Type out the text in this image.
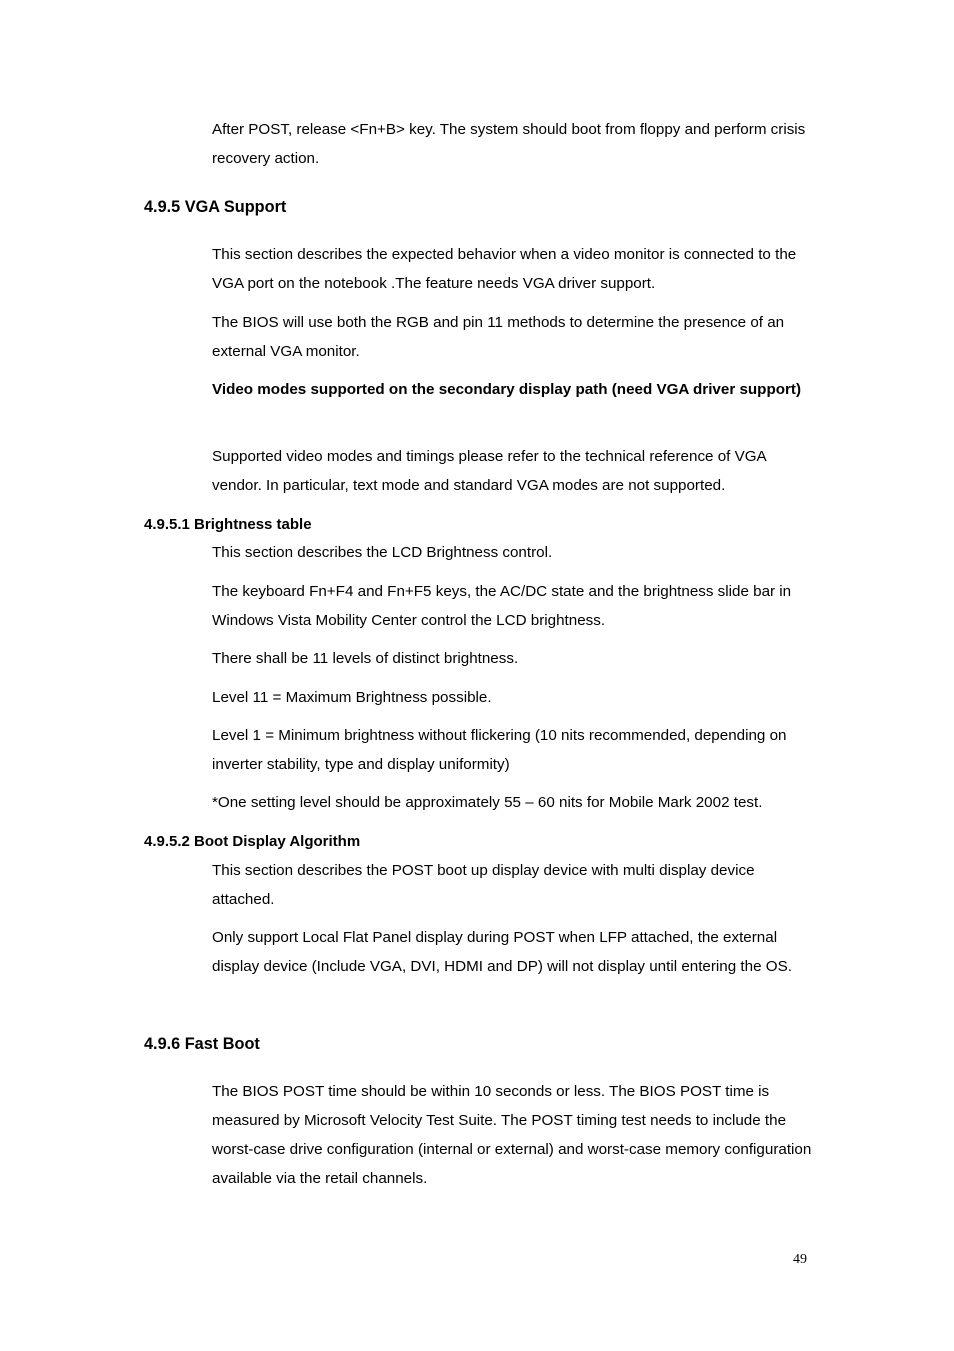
After POST, release <Fn+B> key. The system should boot from floppy and perform crisis recovery action.

4.9.5 VGA Support

This section describes the expected behavior when a video monitor is connected to the VGA port on the notebook .The feature needs VGA driver support.

The BIOS will use both the RGB and pin 11 methods to determine the presence of an external VGA monitor.

Video modes supported on the secondary display path (need VGA driver support)

Supported video modes and timings please refer to the technical reference of VGA vendor. In particular, text mode and standard VGA modes are not supported.

4.9.5.1 Brightness table

This section describes the LCD Brightness control.

The keyboard Fn+F4 and Fn+F5 keys, the AC/DC state and the brightness slide bar in Windows Vista Mobility Center control the LCD brightness.

There shall be 11 levels of distinct brightness.

Level 11 = Maximum Brightness possible.

Level 1 = Minimum brightness without flickering (10 nits recommended, depending on inverter stability, type and display uniformity)

*One setting level should be approximately 55 – 60 nits for Mobile Mark 2002 test.

4.9.5.2 Boot Display Algorithm

This section describes the POST boot up display device with multi display device attached.

Only support Local Flat Panel display during POST when LFP attached, the external display device (Include VGA, DVI, HDMI and DP) will not display until entering the OS.

4.9.6 Fast Boot

The BIOS POST time should be within 10 seconds or less. The BIOS POST time is measured by Microsoft Velocity Test Suite. The POST timing test needs to include the worst-case drive configuration (internal or external) and worst-case memory configuration available via the retail channels.

49
